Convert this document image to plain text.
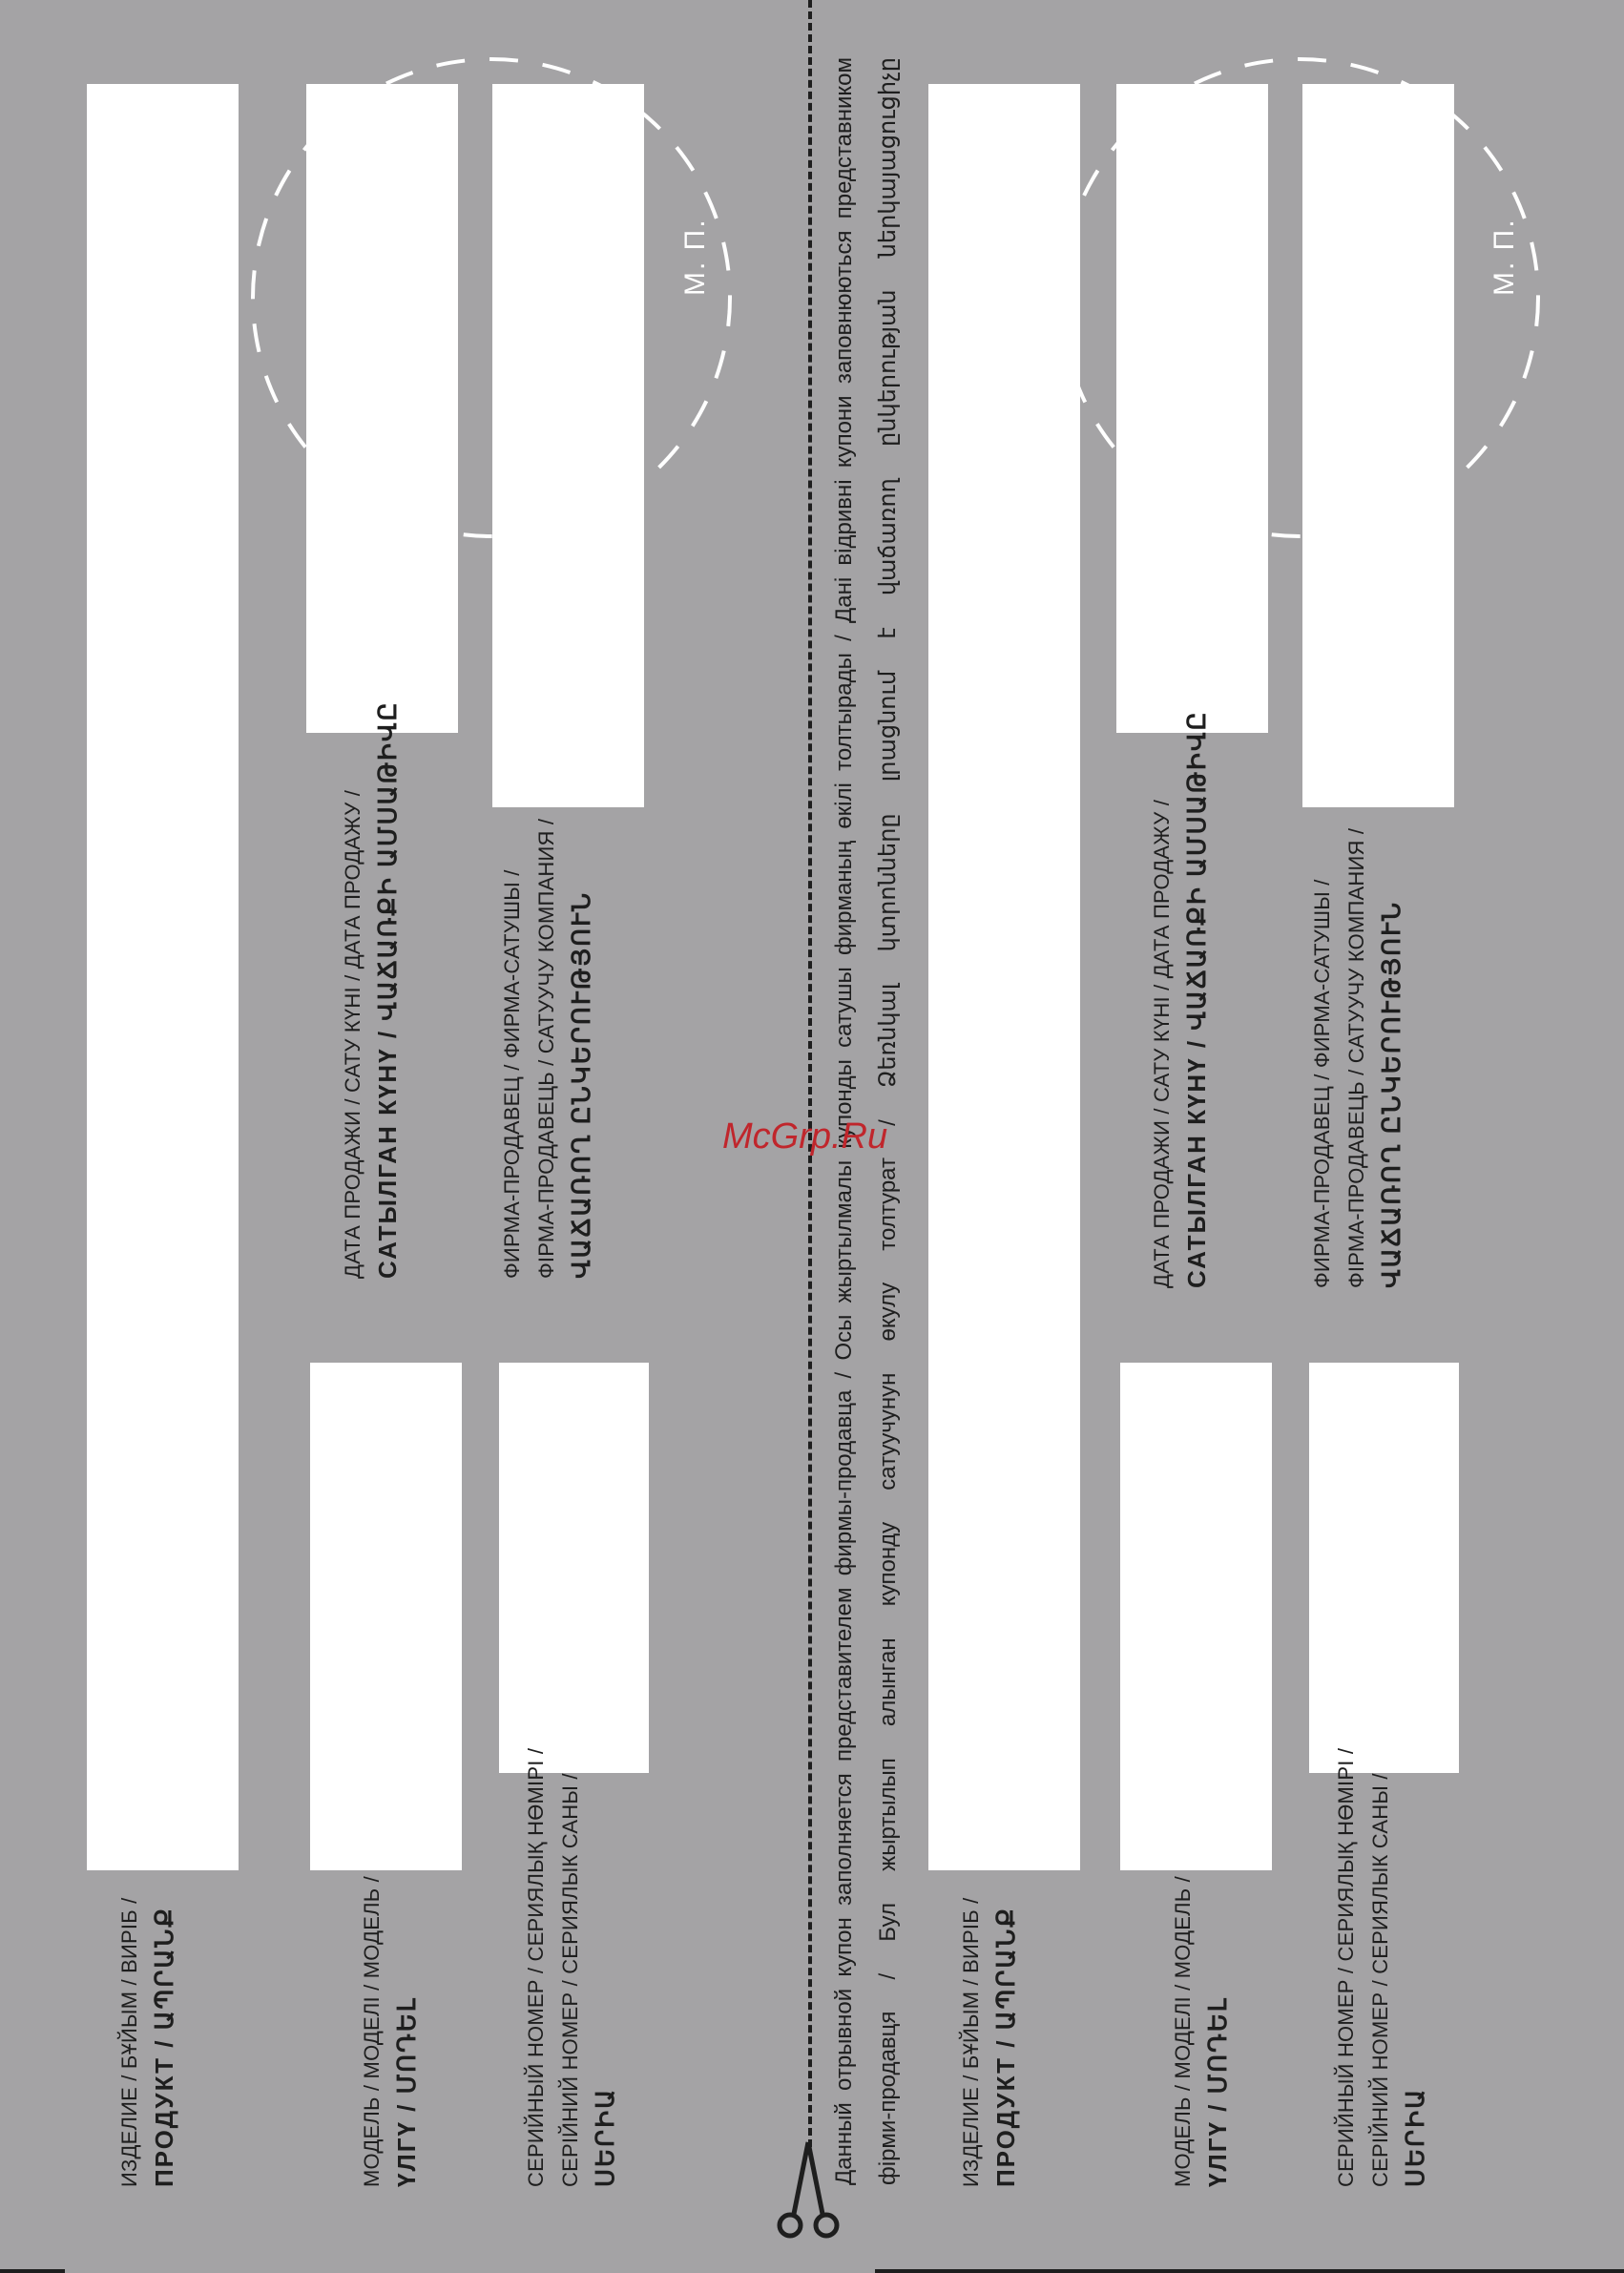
ИЗДЕЛИЕ / БҰЙЫМ / ВИРІБ / ПРОДУКТ / ԱՊՐԱՆՔ	МОДЕЛЬ / МОДЕЛІ / МОДЕЛЬ / ҮЛГҮ / ՄՈԴԵԼ	СЕРИЙНЫЙ НОМЕР / СЕРИЯЛЫҚ НӨМІРІ / СЕРІЙНИЙ НОМЕР / СЕРИЯЛЫК САНЫ / ՍԵՐԻԱ
ДАТА ПРОДАЖИ / САТУ КҮНІ / ДАТА ПРОДАЖУ / САТЫЛГАН КҮНҮ / ՎԱՃԱՌՔԻ ԱՄՍԱԹԻՎԸ	ФИРМА-ПРОДАВЕЦ / ФИРМА-САТУШЫ / ФІРМА-ПРОДАВЕЦЬ / САТУУЧУ КОМПАНИЯ / ՎԱՃԱՌՈՂ ԸՆԿԵՐՈՒԹՅՈՒՆ
М. П.
ИЗДЕЛИЕ / БҰЙЫМ / ВИРІБ / ПРОДУКТ / ԱՊՐԱՆՔ	МОДЕЛЬ / МОДЕЛІ / МОДЕЛЬ / ҮЛГҮ / ՄՈԴԵԼ	СЕРИЙНЫЙ НОМЕР / СЕРИЯЛЫҚ НӨМІРІ / СЕРІЙНИЙ НОМЕР / СЕРИЯЛЫК САНЫ / ՍԵՐԻԱ
ДАТА ПРОДАЖИ / САТУ КҮНІ / ДАТА ПРОДАЖУ / САТЫЛГАН КҮНҮ / ՎԱՃԱՌՔԻ ԱՄՍԱԹԻՎԸ	ФИРМА-ПРОДАВЕЦ / ФИРМА-САТУШЫ / ФІРМА-ПРОДАВЕЦЬ / САТУУЧУ КОМПАНИЯ / ՎԱՃԱՌՈՂ ԸՆԿԵՐՈՒԹՅՈՒՆ
М. П.
Данный отрывной купон заполняется представителем фирмы-продавца / Осы жыртылмалы купонды сатушы фирманың өкілі толтырады / Дані відривні купони заповнюються представником фірми-продавця / Бул жыртылып алынган купонду сатуучунун өкулу толтурат / Ձեռնկալ կտրոնները լրացնում է վաճառող ընկերության ներկայացուցիչը
McGrp.Ru
